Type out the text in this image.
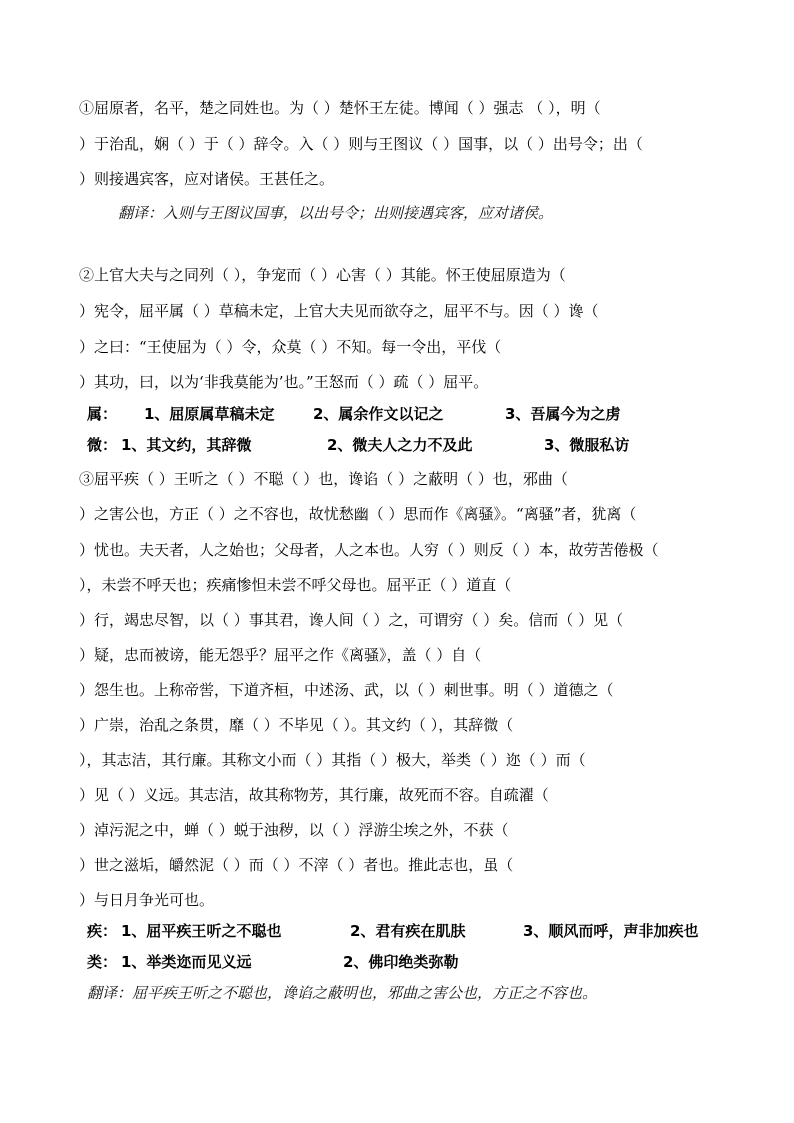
①屈原者，名平，楚之同姓也。为（ ）楚怀王左徒。博闻（ ）强志 （ ），明（
）于治乱，娴（ ）于（ ）辞令。入（ ）则与王图议（ ）国事，以（ ）出号令；出（
）则接遇宾客，应对诸侯。王甚任之。
翻译：入则与王图议国事，以出号令；出则接遇宾客，应对诸侯。
②上官大夫与之同列（ ），争宠而（ ）心害（ ）其能。怀王使屈原造为（
）宪令，屈平属（ ）草稿未定，上官大夫见而欲夺之，屈平不与。因（ ）谗（
）之曰：“王使屈为（ ）令，众莫（ ）不知。每一令出，平伐（
）其功，曰，以为‘非我莫能为’也。”王怒而（ ）疏（ ）屈平。
属： 1、屈原属草稿未定	2、属余作文以记之	3、吾属今为之虏
微： 1、其文约，其辞微	2、微夫人之力不及此	3、微服私访
③屈平疾（ ）王听之（ ）不聪（ ）也，谗谄（ ）之蔽明（ ）也，邪曲（
）之害公也，方正（ ）之不容也，故忧愁幽（ ）思而作《离骚》。“离骚”者，犹离（
）忧也。夫天者，人之始也；父母者，人之本也。人穷（ ）则反（ ）本，故劳苦倦极（
），未尝不呼天也；疾痛惨怛未尝不呼父母也。屈平正（ ）道直（
）行，竭忠尽智，以（ ）事其君，谗人间（ ）之，可谓穷（ ）矣。信而（ ）见（
）疑，忠而被谤，能无怨乎？屈平之作《离骚》，盖（ ）自（
）怨生也。上称帝喾，下道齐桓，中述汤、武，以（ ）刺世事。明（ ）道德之（
）广崇，治乱之条贯，靡（ ）不毕见（ ）。其文约（ ），其辞微（
），其志洁，其行廉。其称文小而（ ）其指（ ）极大，举类（ ）迩（ ）而（
）见（ ）义远。其志洁，故其称物芳，其行廉，故死而不容。自疏濯（
）淖污泥之中，蝉（ ）蜕于浊秽，以（ ）浮游尘埃之外，不获（
）世之滋垢，皭然泥（ ）而（ ）不滓（ ）者也。推此志也，虽（
）与日月争光可也。
疾： 1、屈平疾王听之不聪也	2、君有疾在肌肤	3、顺风而呼，声非加疾也
类： 1、举类迩而见义远	2、佛印绝类弥勒
翻译：屈平疾王听之不聪也，谗谄之蔽明也，邪曲之害公也，方正之不容也。
